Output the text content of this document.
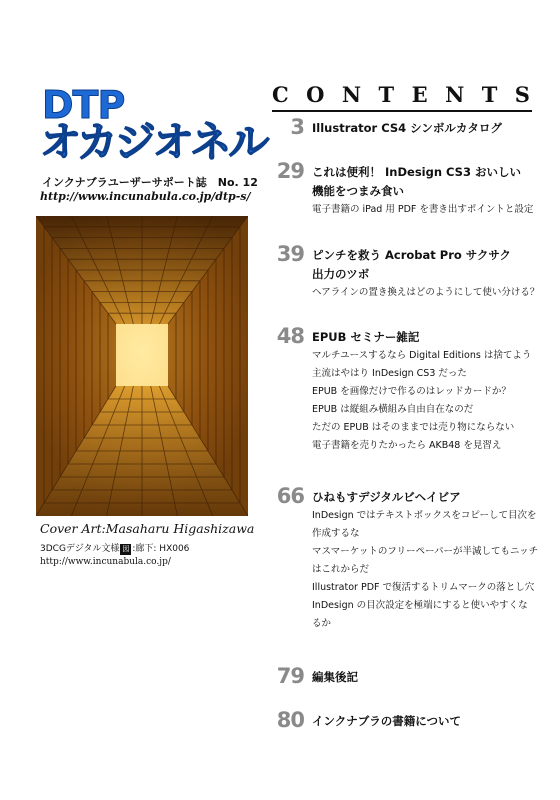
DTP
オカジオネル
インクナブラユーザーサポート誌　No. 12
http://www.incunabula.co.jp/dtp-s/
Cover Art:Masaharu Higashizawa
3DCGデジタル文様 図 :廊下: HX006
http://www.incunabula.co.jp/
C O N T E N T S
3 Illustrator CS4 シンボルカタログ
29 これは便利！ InDesign CS3 おいしい
機能をつまみ食い
電子書籍の iPad 用 PDF を書き出すポイントと設定
39 ピンチを救う Acrobat Pro サクサク
出力のツボ
ヘアラインの置き換えはどのようにして使い分ける？
48 EPUB セミナー雑記
マルチユースするなら Digital Editions は捨てよう
主流はやはり InDesign CS3 だった
EPUB を画像だけで作るのはレッドカードか？
EPUB は縦組み横組み自由自在なのだ
ただの EPUB はそのままでは売り物にならない
電子書籍を売りたかったら AKB48 を見習え
66 ひねもすデジタルビヘイビア
InDesign ではテキストボックスをコピーして目次を
作成するな
マスマーケットのフリーペーパーが半減してもニッチ
はこれからだ
Illustrator PDF で復活するトリムマークの落とし穴
InDesign の目次設定を極端にすると使いやすくな
るか
79 編集後記
80 インクナブラの書籍について
